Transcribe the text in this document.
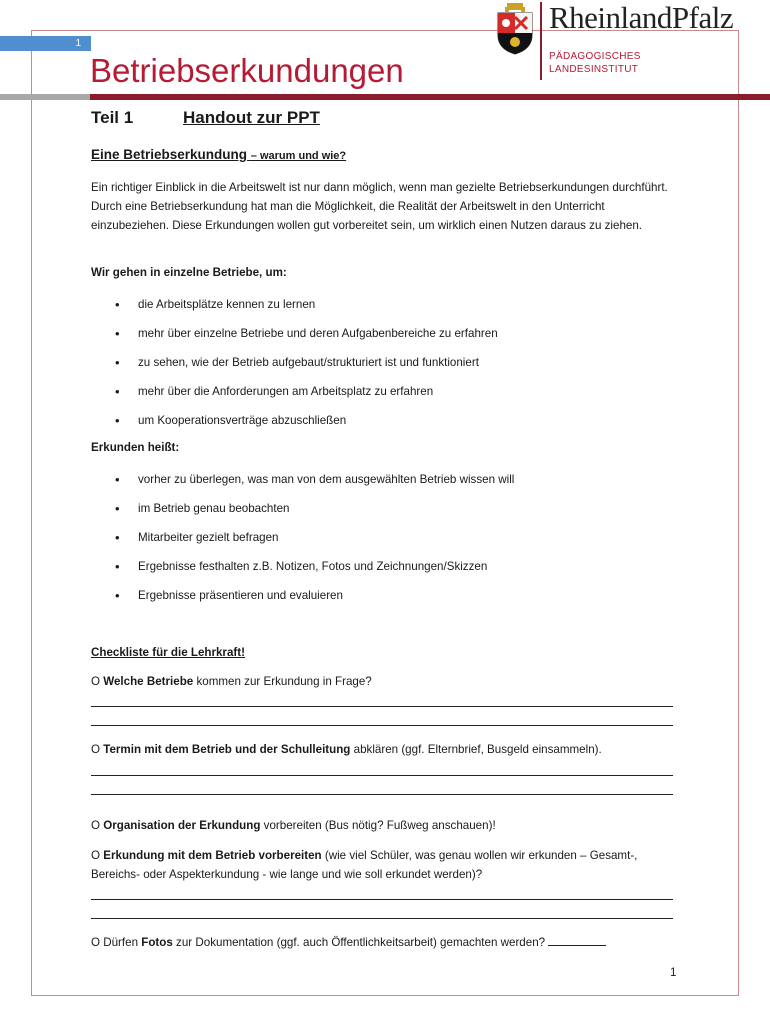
1
Betriebserkundungen
RheinlandPfalz
PÄDAGOGISCHES
LANDESINSTITUT
Teil 1	Handout zur PPT
Eine Betriebserkundung – warum und wie?

Ein richtiger Einblick in die Arbeitswelt ist nur dann möglich, wenn man gezielte Betriebserkundungen durchführt. Durch eine Betriebserkundung hat man die Möglichkeit, die Realität der Arbeitswelt in den Unterricht einzubeziehen. Diese Erkundungen wollen gut vorbereitet sein, um wirklich einen Nutzen daraus zu ziehen.

Wir gehen in einzelne Betriebe, um:
• die Arbeitsplätze kennen zu lernen
• mehr über einzelne Betriebe und deren Aufgabenbereiche zu erfahren
• zu sehen, wie der Betrieb aufgebaut/strukturiert ist und funktioniert
• mehr über die Anforderungen am Arbeitsplatz zu erfahren
• um Kooperationsverträge abzuschließen
Erkunden heißt:
• vorher zu überlegen, was man von dem ausgewählten Betrieb wissen will
• im Betrieb genau beobachten
• Mitarbeiter gezielt befragen
• Ergebnisse festhalten z.B. Notizen, Fotos und Zeichnungen/Skizzen
• Ergebnisse präsentieren und evaluieren
Checkliste für die Lehrkraft!
O Welche Betriebe kommen zur Erkundung in Frage?
O Termin mit dem Betrieb und der Schulleitung abklären (ggf. Elternbrief, Busgeld einsammeln).
O Organisation der Erkundung vorbereiten (Bus nötig? Fußweg anschauen)!
O Erkundung mit dem Betrieb vorbereiten (wie viel Schüler, was genau wollen wir erkunden – Gesamt-, Bereichs- oder Aspekterkundung - wie lange und wie soll erkundet werden)?
O Dürfen Fotos zur Dokumentation (ggf. auch Öffentlichkeitsarbeit) gemachten werden?
1
